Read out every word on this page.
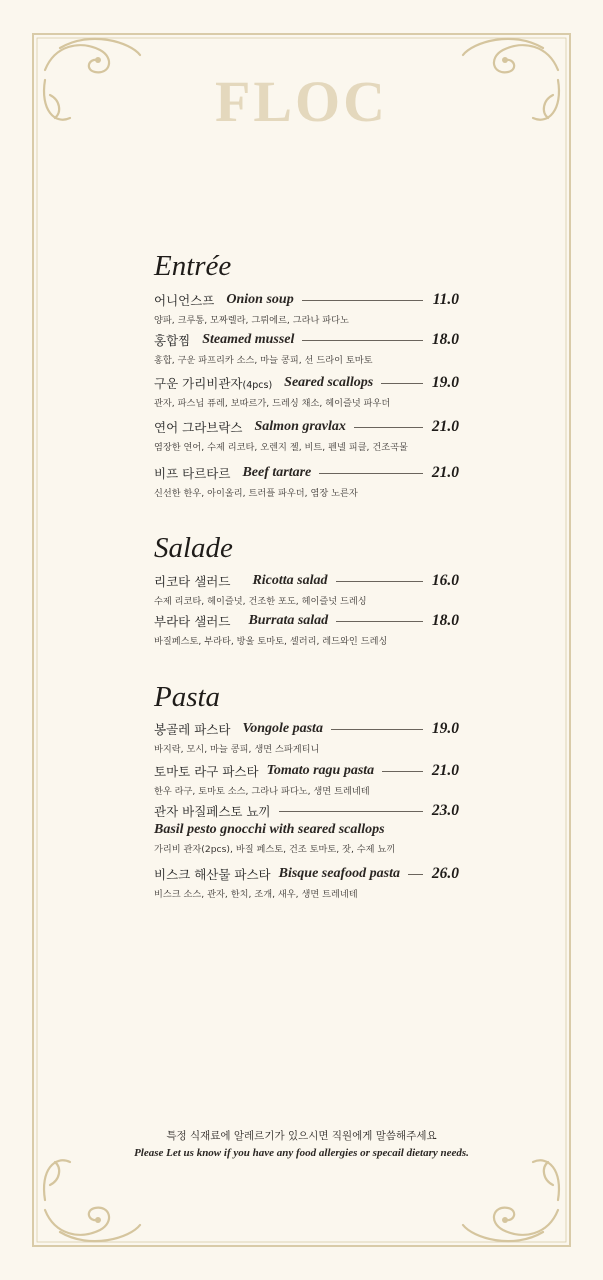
FLOC
Entrée
어니언스프 Onion soup	11.0
양파, 크루통, 모짜렐라, 그뤼에르, 그라나 파다노
홍합찜 Steamed mussel	18.0
홍합, 구운 파프리카 소스, 마늘 콩피, 선 드라이 토마토
구운 가리비관자(4pcs) Seared scallops	19.0
관자, 파스닙 퓨레, 보따르가, 드레싱 채소, 헤이즐넛 파우더
연어 그라브락스 Salmon gravlax	21.0
염장한 연어, 수제 리코타, 오렌지 젤, 비트, 펜넬 피클, 건조곡물
비프 타르타르 Beef tartare	21.0
신선한 한우, 아이올리, 트러플 파우더, 염장 노른자
Salade
리코타 샐러드 Ricotta salad	16.0
수제 리코타, 헤이즐넛, 건조한 포도, 헤이즐넛 드레싱
부라타 샐러드 Burrata salad	18.0
바질페스토, 부라타, 방울 토마토, 셀러리, 레드와인 드레싱
Pasta
봉골레 파스타 Vongole pasta	19.0
바지락, 모시, 마늘 콩피, 생면 스파게티니
토마토 라구 파스타 Tomato ragu pasta	21.0
한우 라구, 토마토 소스, 그라나 파다노, 생면 트레네테
관자 바질페스토 뇨끼	23.0
Basil pesto gnocchi with seared scallops
가리비 관자(2pcs), 바질 페스토, 건조 토마토, 잣, 수제 뇨끼
비스크 해산물 파스타 Bisque seafood pasta 26.0
비스크 소스, 관자, 한치, 조개, 새우, 생면 트레네테
특정 식재료에 알레르기가 있으시면 직원에게 말씀해주세요
Please Let us know if you have any food allergies or specail dietary needs.
